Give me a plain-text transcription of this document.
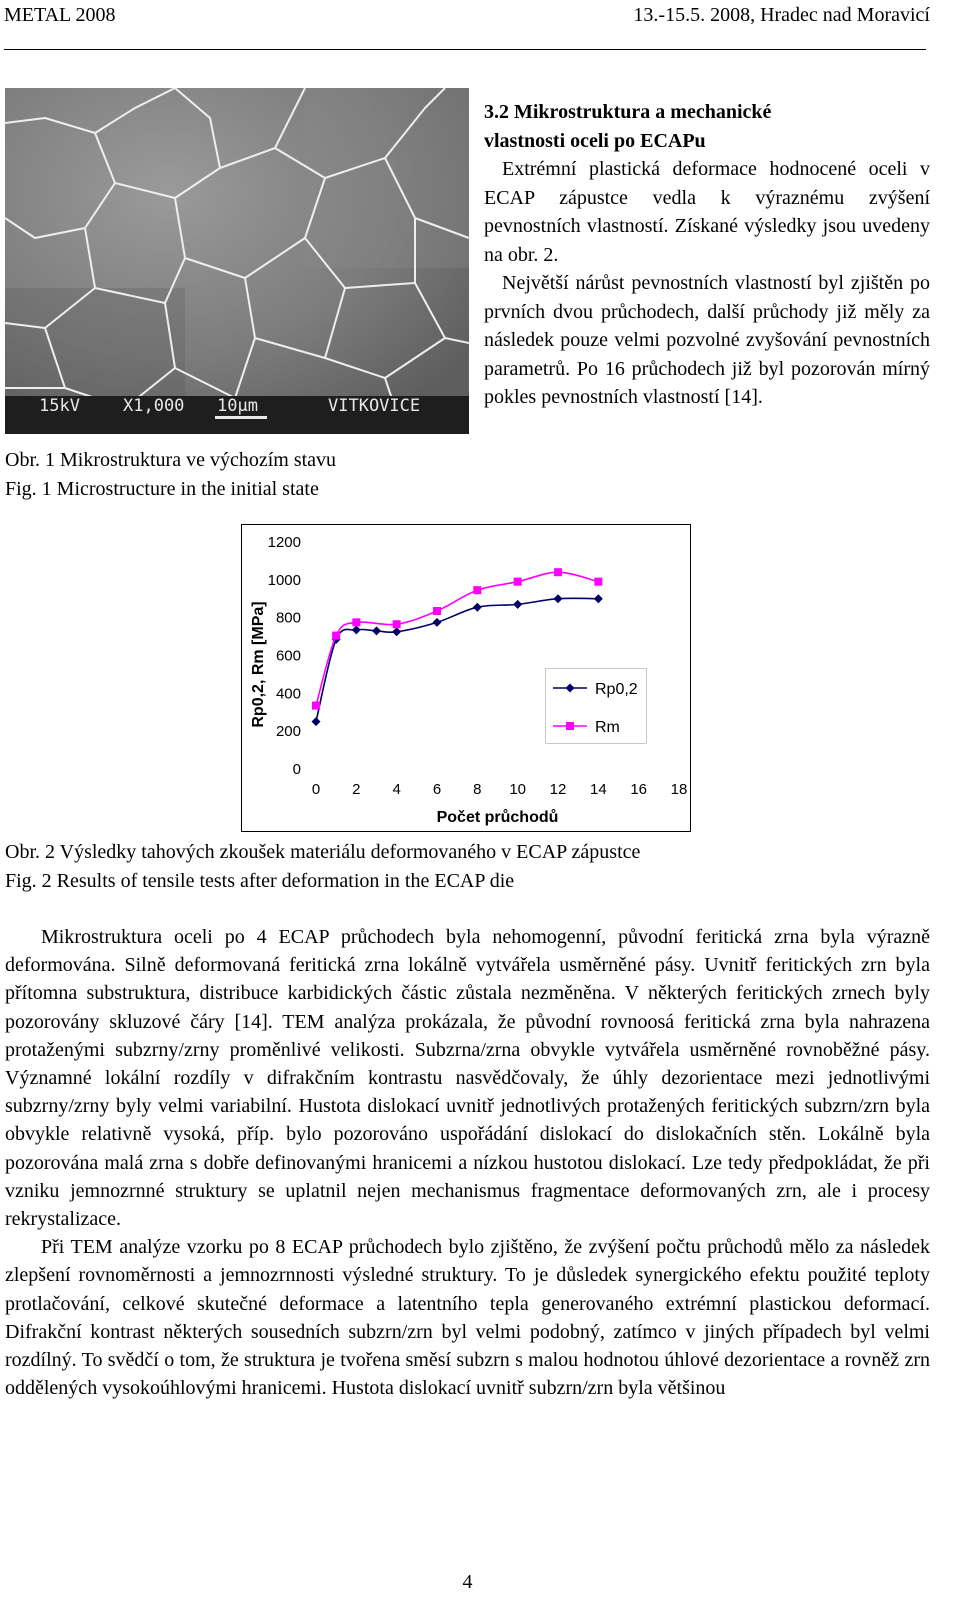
METAL 2008	13.-15.5. 2008, Hradec nad Moravicí
15kV	X1,000 10μm	VITKOVICE
Obr. 1 Mikrostruktura ve výchozím stavu
Fig. 1 Microstructure in the initial state
3.2 Mikrostruktura a mechanické
vlastnosti oceli po ECAPu

Extrémní plastická deformace hodnocené oceli v ECAP zápustce vedla k výraznému zvýšení pevnostních vlastností. Získané výsledky jsou uvedeny na obr. 2.

Největší nárůst pevnostních vlastností byl zjištěn po prvních dvou průchodech, další průchody již měly za následek pouze velmi pozvolné zvyšování pevnostních parametrů. Po 16 průchodech již byl pozorován mírný pokles pevnostních vlastností [14].

0
200
400
600
800
1000
1200
0 2 4 6 8 10 12 14 16 18
Počet průchodů
Rp0,2, Rm [MPa]	Rp0,2
Rm
Obr. 2 Výsledky tahových zkoušek materiálu deformovaného v ECAP zápustce
Fig. 2 Results of tensile tests after deformation in the ECAP die

Mikrostruktura oceli po 4 ECAP průchodech byla nehomogenní, původní feritická zrna byla výrazně deformována. Silně deformovaná feritická zrna lokálně vytvářela usměrněné pásy. Uvnitř feritických zrn byla přítomna substruktura, distribuce karbidických částic zůstala nezměněna. V některých feritických zrnech byly pozorovány skluzové čáry [14]. TEM analýza prokázala, že původní rovnoosá feritická zrna byla nahrazena protaženými subzrny/zrny proměnlivé velikosti. Subzrna/zrna obvykle vytvářela usměrněné rovnoběžné pásy. Významné lokální rozdíly v difrakčním kontrastu nasvědčovaly, že úhly dezorientace mezi jednotlivými subzrny/zrny byly velmi variabilní. Hustota dislokací uvnitř jednotlivých protažených feritických subzrn/zrn byla obvykle relativně vysoká, příp. bylo pozorováno uspořádání dislokací do dislokačních stěn. Lokálně byla pozorována malá zrna s dobře definovanými hranicemi a nízkou hustotou dislokací. Lze tedy předpokládat, že při vzniku jemnozrnné struktury se uplatnil nejen mechanismus fragmentace deformovaných zrn, ale i procesy rekrystalizace.

Při TEM analýze vzorku po 8 ECAP průchodech bylo zjištěno, že zvýšení počtu průchodů mělo za následek zlepšení rovnoměrnosti a jemnozrnnosti výsledné struktury. To je důsledek synergického efektu použité teploty protlačování, celkové skutečné deformace a latentního tepla generovaného extrémní plastickou deformací. Difrakční kontrast některých sousedních subzrn/zrn byl velmi podobný, zatímco v jiných případech byl velmi rozdílný. To svědčí o tom, že struktura je tvořena směsí subzrn s malou hodnotou úhlové dezorientace a rovněž zrn oddělených vysokoúhlovými hranicemi. Hustota dislokací uvnitř subzrn/zrn byla většinou

4
